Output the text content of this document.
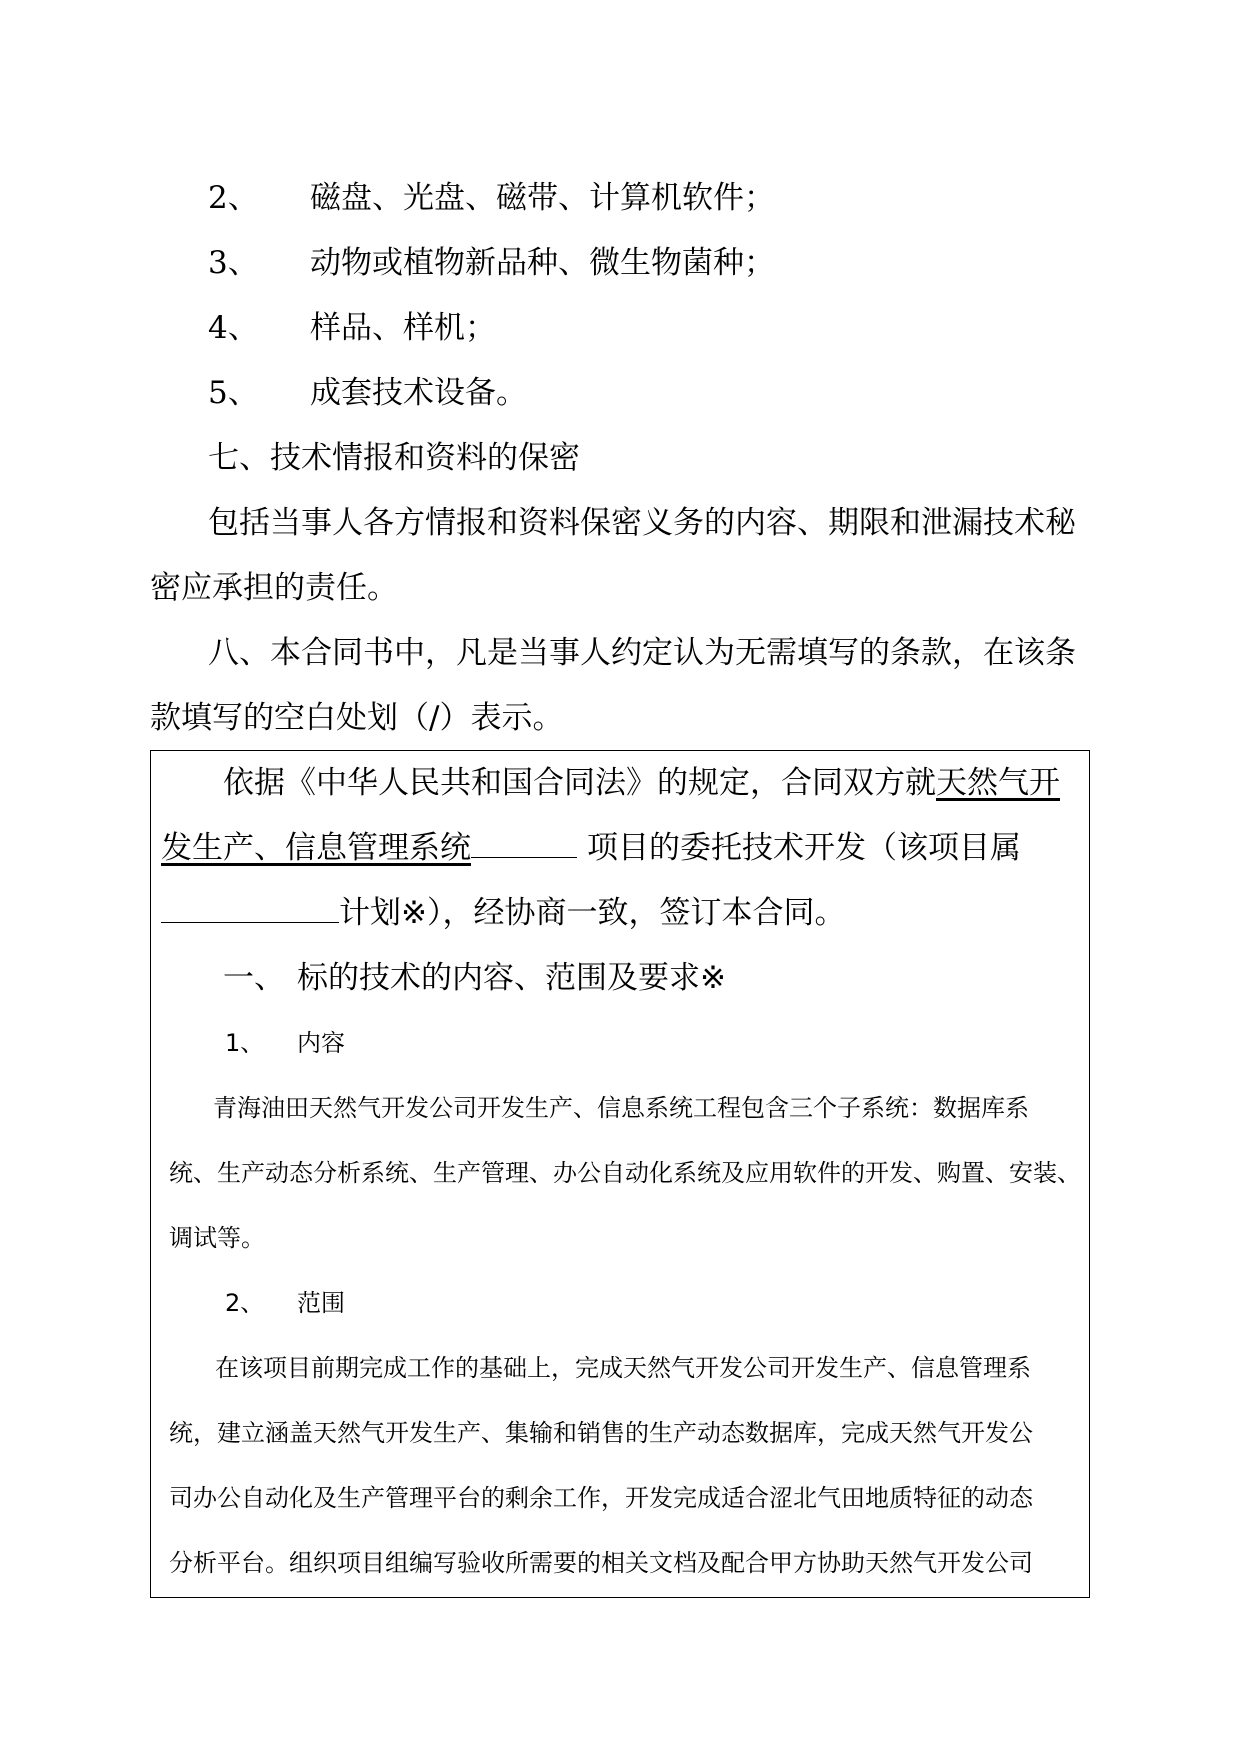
2、 磁盘、光盘、磁带、计算机软件；
3、 动物或植物新品种、微生物菌种；
4、 样品、样机；
5、 成套技术设备。
七、技术情报和资料的保密
包括当事人各方情报和资料保密义务的内容、期限和泄漏技术秘
密应承担的责任。
八、本合同书中，凡是当事人约定认为无需填写的条款，在该条
款填写的空白处划（/）表示。
依据《中华人民共和国合同法》的规定，合同双方就天然气开
发生产、信息管理系统	项目的委托技术开发（该项目属
计划※），经协商一致，签订本合同。
一、 标的技术的内容、范围及要求※
1、 内容
青海油田天然气开发公司开发生产、信息系统工程包含三个子系统：数据库系
统、生产动态分析系统、生产管理、办公自动化系统及应用软件的开发、购置、安装、
调试等。
2、 范围
在该项目前期完成工作的基础上，完成天然气开发公司开发生产、信息管理系
统，建立涵盖天然气开发生产、集输和销售的生产动态数据库，完成天然气开发公
司办公自动化及生产管理平台的剩余工作，开发完成适合涩北气田地质特征的动态
分析平台。组织项目组编写验收所需要的相关文档及配合甲方协助天然气开发公司
